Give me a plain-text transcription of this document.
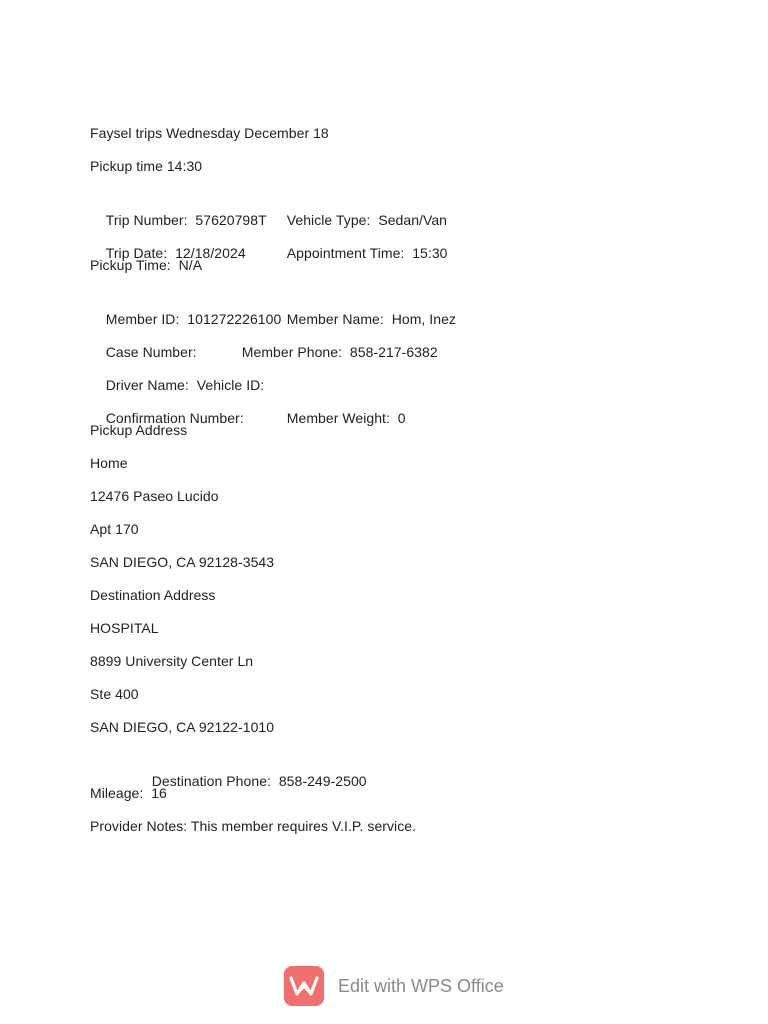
Faysel trips Wednesday December 18
Pickup time 14:30

Trip Number:  57620798T Vehicle Type:  Sedan/Van

Trip Date:  12/18/2024	Appointment Time:  15:30

Pickup Time:  N/A

Member ID:  101272226100 Member Name:  Hom, Inez

Case Number:	Member Phone:  858-217-6382

Driver Name: Vehicle ID:

Confirmation Number:	Member Weight:  0

Pickup Address
Home
12476 Paseo Lucido
Apt 170
SAN DIEGO, CA 92128-3543
Destination Address
HOSPITAL
8899 University Center Ln
Ste 400
SAN DIEGO, CA 92122-1010

Destination Phone:  858-249-2500

Mileage:  16
Provider Notes: This member requires V.I.P. service.
Edit with WPS Office
